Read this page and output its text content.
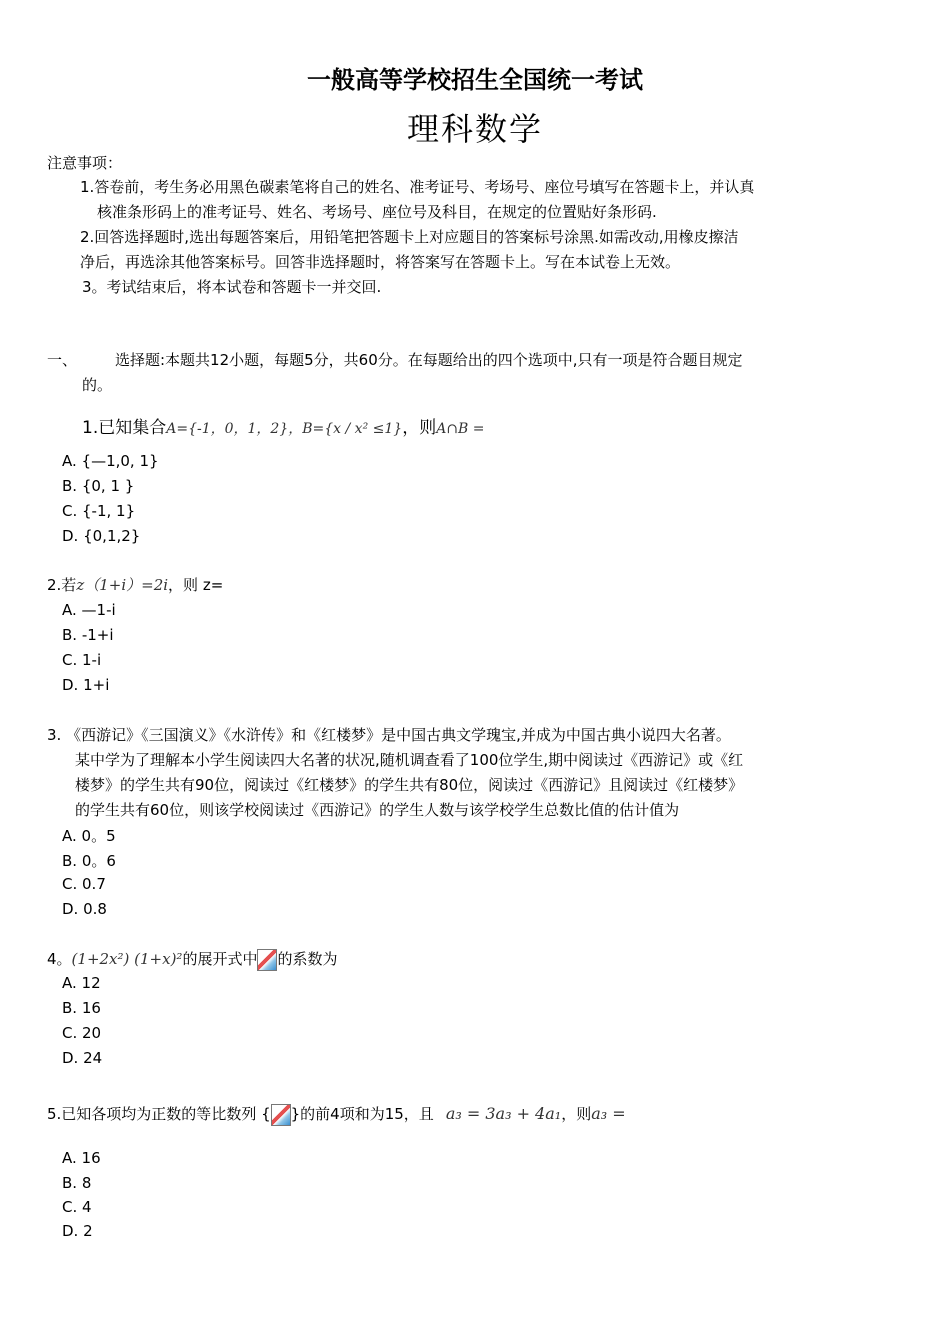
一般高等学校招生全国统一考试
理科数学
注意事项：
1.答卷前，考生务必用黑色碳素笔将自己的姓名、准考证号、考场号、座位号填写在答题卡上，并认真
核准条形码上的准考证号、姓名、考场号、座位号及科目，在规定的位置贴好条形码.
2.回答选择题时,选出每题答案后，用铅笔把答题卡上对应题目的答案标号涂黑.如需改动,用橡皮擦洁
净后，再选涂其他答案标号。回答非选择题时，将答案写在答题卡上。写在本试卷上无效。
3。考试结束后，将本试卷和答题卡一并交回.
一、	选择题:本题共12小题，每题5分，共60分。在每题给出的四个选项中,只有一项是符合题目规定
的。
1.已知集合A={-1，0，1，2}，B={x / x² ≤1}，则A∩B =
A. {—1,0, 1}
B. {0, 1 }
C. {-1, 1}
D. {0,1,2}
2.若z（1+i）=2i，则 z=
A. —1-i
B. -1+i
C. 1-i
D. 1+i
3. 《西游记》《三国演义》《水浒传》和《红楼梦》是中国古典文学瑰宝,并成为中国古典小说四大名著。
某中学为了理解本小学生阅读四大名著的状况,随机调查看了100位学生,期中阅读过《西游记》或《红
楼梦》的学生共有90位，阅读过《红楼梦》的学生共有80位，阅读过《西游记》且阅读过《红楼梦》
的学生共有60位，则该学校阅读过《西游记》的学生人数与该学校学生总数比值的估计值为
A. 0。5
B. 0。6
C. 0.7
D. 0.8
4。(1+2x²) (1+x)²的展开式中 的系数为
A. 12
B. 16
C. 20
D. 24
5.已知各项均为正数的等比数列 { }的前4项和为15，且 a₃ = 3a₃ + 4a₁，则a₃ =
A. 16
B. 8
C. 4
D. 2
